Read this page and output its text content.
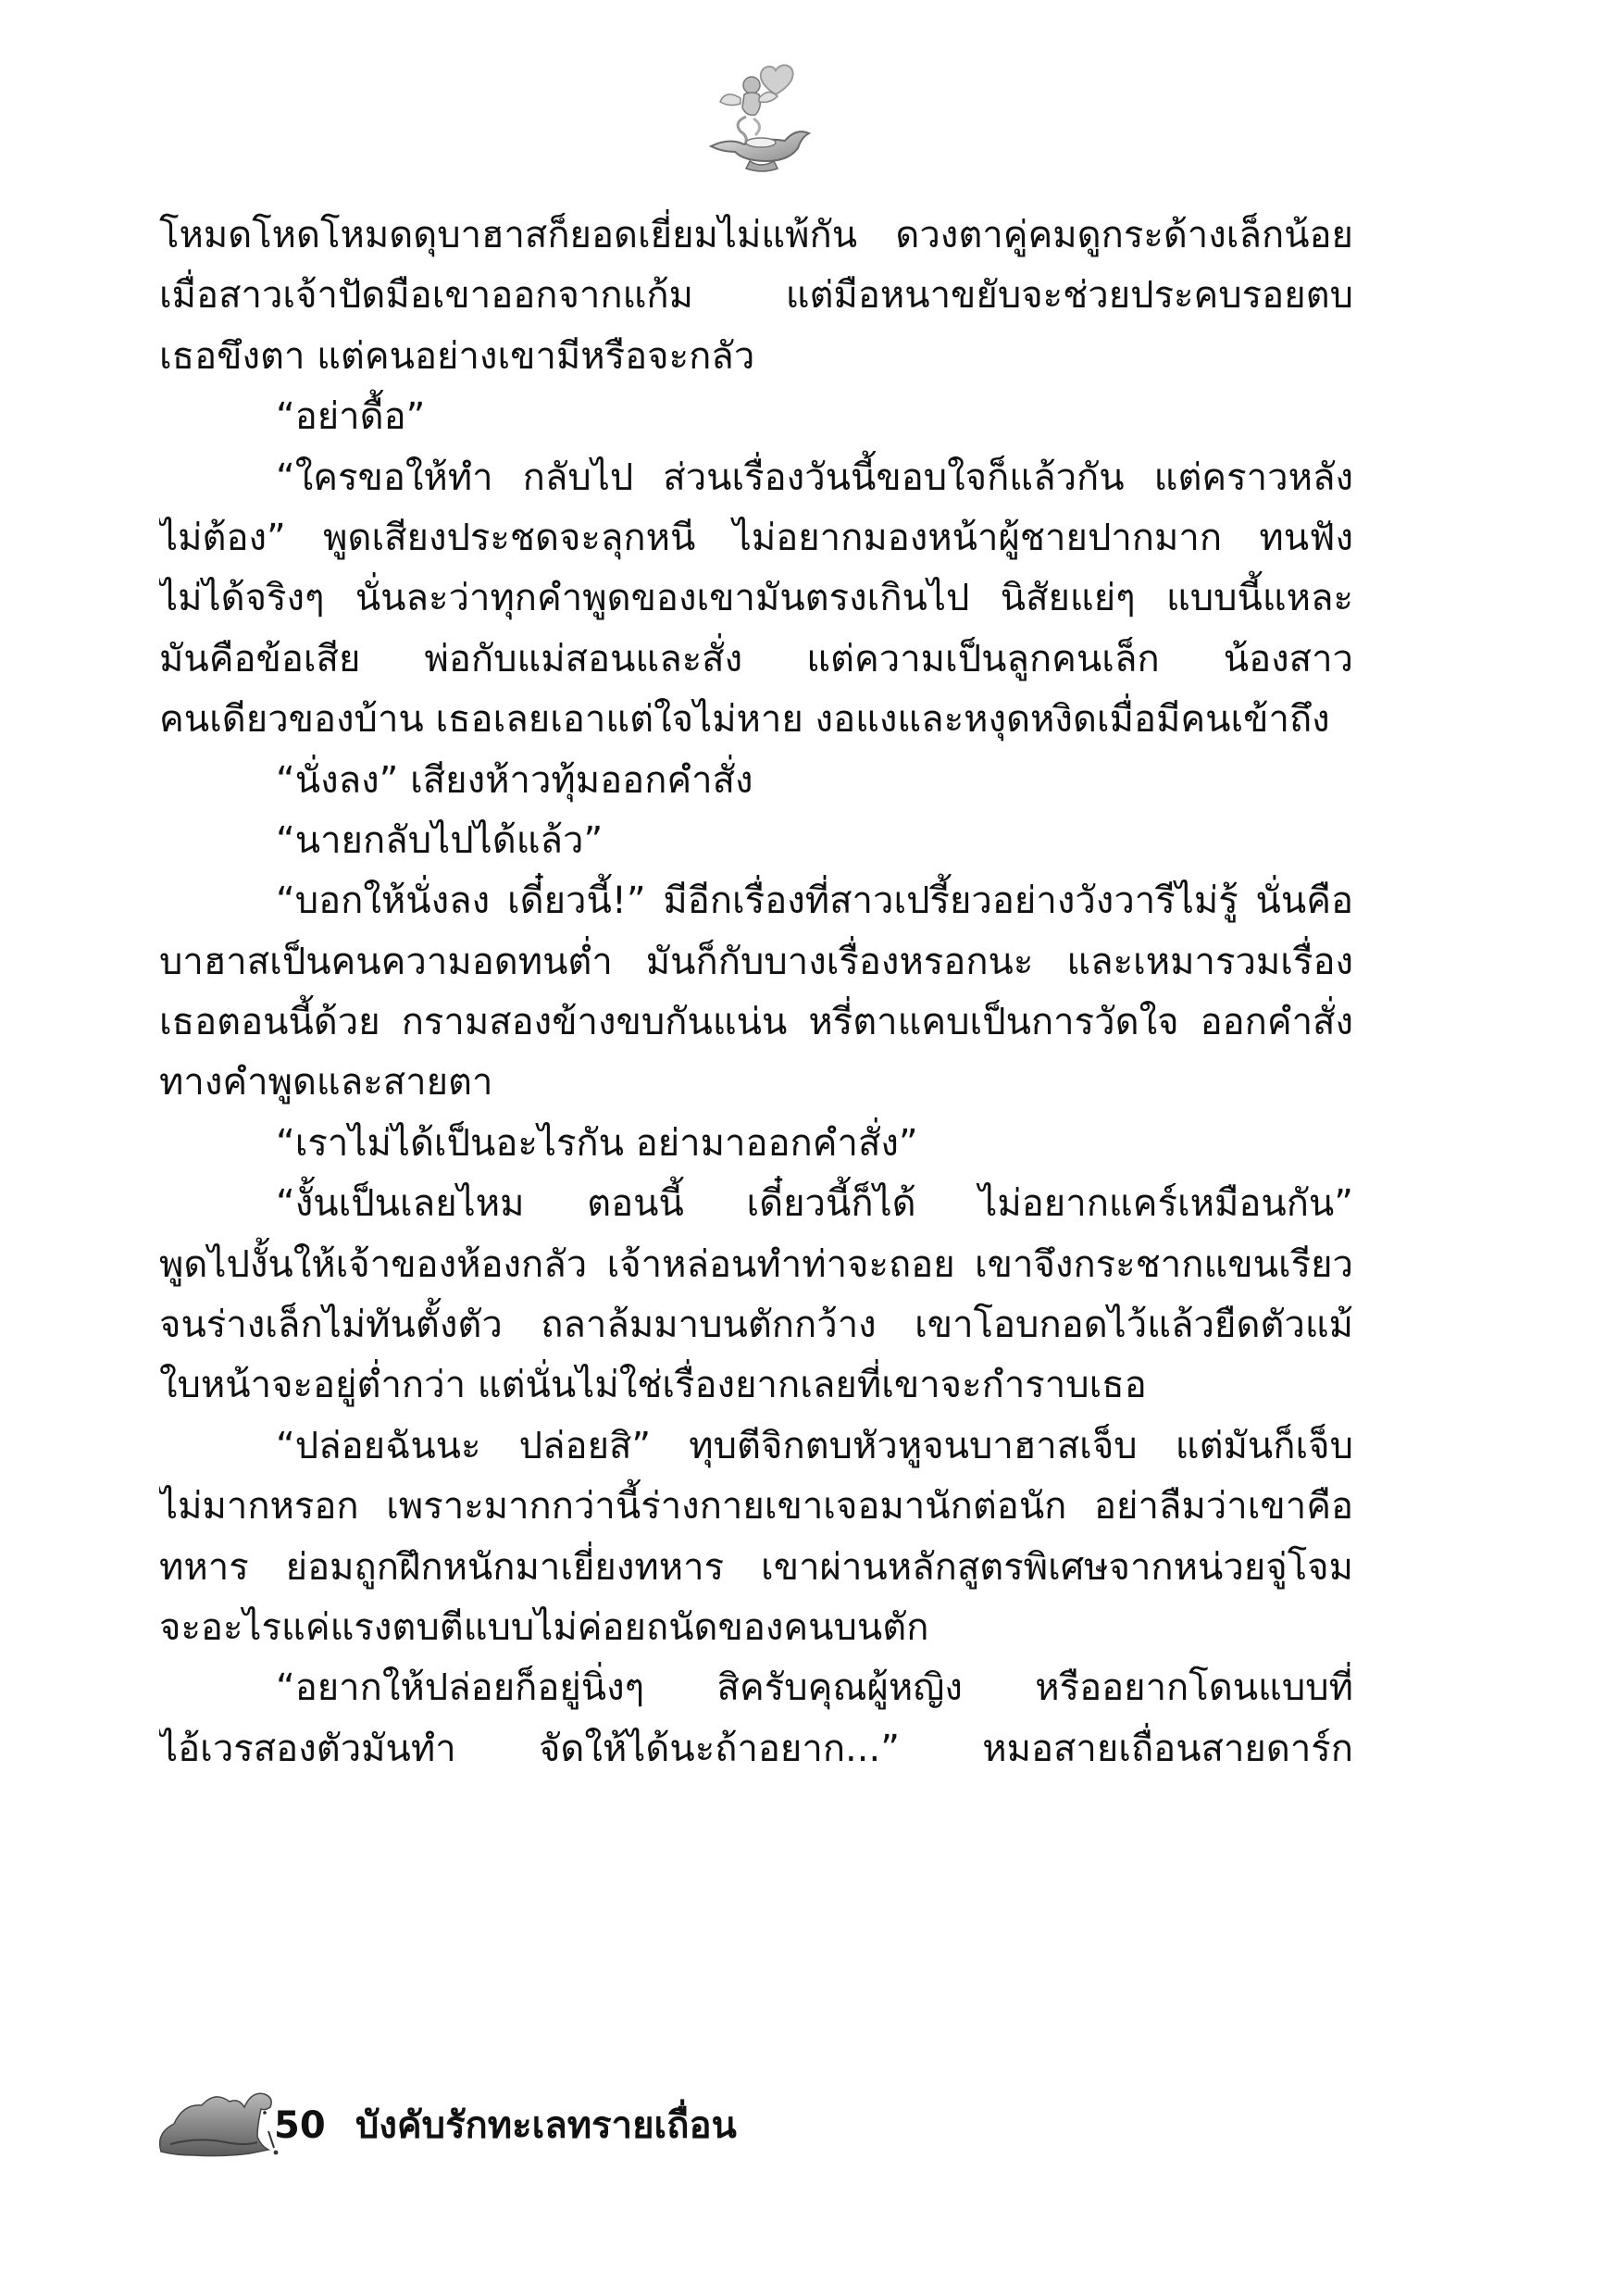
โหมดโหดโหมดดุบาฮาสก็ยอดเยี่ยมไม่แพ้กัน ดวงตาคู่คมดูกระด้างเล็กน้อย
เมื่อสาวเจ้าปัดมือเขาออกจากแก้ม แต่มือหนาขยับจะช่วยประคบรอยตบ
เธอขึงตา แต่คนอย่างเขามีหรือจะกลัว
“อย่าดื้อ”
“ใครขอให้ทำ กลับไป ส่วนเรื่องวันนี้ขอบใจก็แล้วกัน แต่คราวหลัง
ไม่ต้อง” พูดเสียงประชดจะลุกหนี ไม่อยากมองหน้าผู้ชายปากมาก ทนฟัง
ไม่ได้จริงๆ นั่นละว่าทุกคำพูดของเขามันตรงเกินไป นิสัยแย่ๆ แบบนี้แหละ
มันคือข้อเสีย พ่อกับแม่สอนและสั่ง แต่ความเป็นลูกคนเล็ก น้องสาว
คนเดียวของบ้าน เธอเลยเอาแต่ใจไม่หาย งอแงและหงุดหงิดเมื่อมีคนเข้าถึง
“นั่งลง” เสียงห้าวทุ้มออกคำสั่ง
“นายกลับไปได้แล้ว”
“บอกให้นั่งลง เดี๋ยวนี้!” มีอีกเรื่องที่สาวเปรี้ยวอย่างวังวารีไม่รู้ นั่นคือ
บาฮาสเป็นคนความอดทนต่ำ มันก็กับบางเรื่องหรอกนะ และเหมารวมเรื่อง
เธอตอนนี้ด้วย กรามสองข้างขบกันแน่น หรี่ตาแคบเป็นการวัดใจ ออกคำสั่ง
ทางคำพูดและสายตา
“เราไม่ได้เป็นอะไรกัน อย่ามาออกคำสั่ง”
“งั้นเป็นเลยไหม ตอนนี้ เดี๋ยวนี้ก็ได้ ไม่อยากแคร์เหมือนกัน”
พูดไปงั้นให้เจ้าของห้องกลัว เจ้าหล่อนทำท่าจะถอย เขาจึงกระชากแขนเรียว
จนร่างเล็กไม่ทันตั้งตัว ถลาล้มมาบนตักกว้าง เขาโอบกอดไว้แล้วยืดตัวแม้
ใบหน้าจะอยู่ต่ำกว่า แต่นั่นไม่ใช่เรื่องยากเลยที่เขาจะกำราบเธอ
“ปล่อยฉันนะ ปล่อยสิ” ทุบตีจิกตบหัวหูจนบาฮาสเจ็บ แต่มันก็เจ็บ
ไม่มากหรอก เพราะมากกว่านี้ร่างกายเขาเจอมานักต่อนัก อย่าลืมว่าเขาคือ
ทหาร ย่อมถูกฝึกหนักมาเยี่ยงทหาร เขาผ่านหลักสูตรพิเศษจากหน่วยจู่โจม
จะอะไรแค่แรงตบตีแบบไม่ค่อยถนัดของคนบนตัก
“อยากให้ปล่อยก็อยู่นิ่งๆ สิครับคุณผู้หญิง หรืออยากโดนแบบที่
ไอ้เวรสองตัวมันทำ จัดให้ได้นะถ้าอยาก...” หมอสายเถื่อนสายดาร์ก
50 บังคับรักทะเลทรายเถื่อน
